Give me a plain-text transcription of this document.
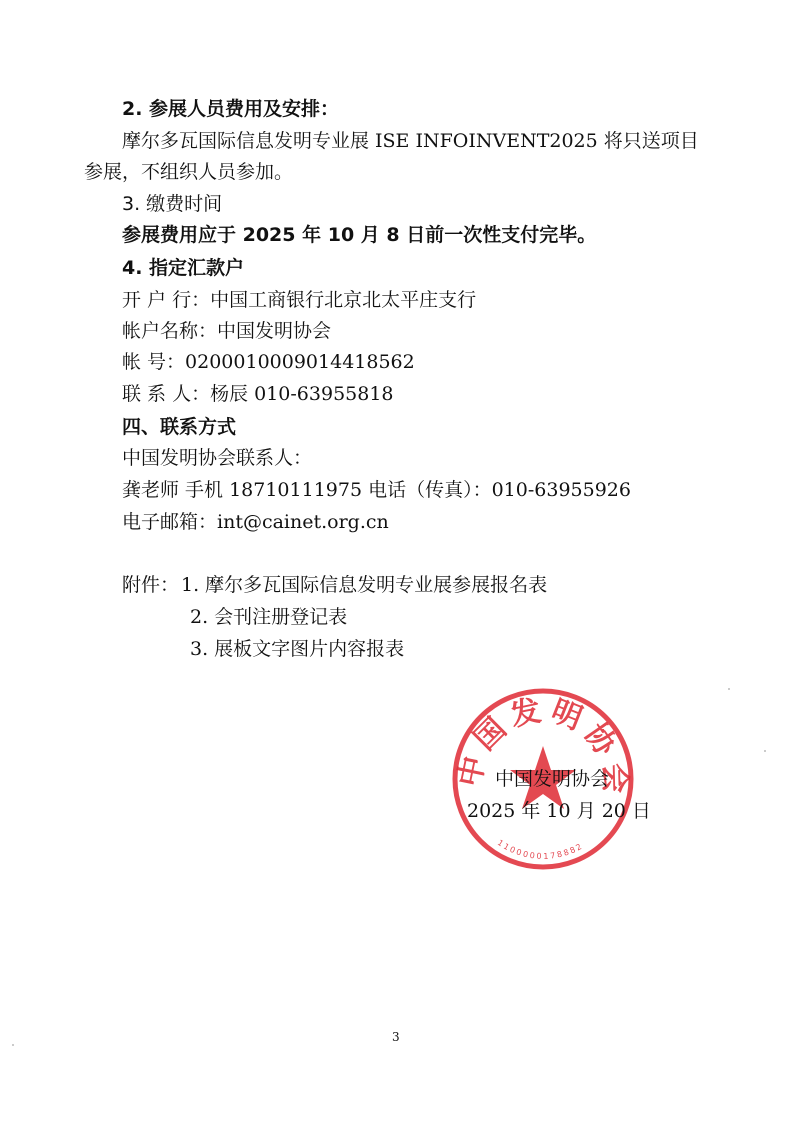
2. 参展人员费用及安排：
摩尔多瓦国际信息发明专业展 ISE INFOINVENT2025 将只送项目
参展，不组织人员参加。
3. 缴费时间
参展费用应于 2025 年 10 月 8 日前一次性支付完毕。
4. 指定汇款户
开 户 行：中国工商银行北京北太平庄支行
帐户名称：中国发明协会
帐 号：0200010009014418562
联 系 人：杨辰 010-63955818
四、联系方式
中国发明协会联系人：
龚老师 手机 18710111975 电话（传真）：010-63955926
电子邮箱：int@cainet.org.cn
附件： 1. 摩尔多瓦国际信息发明专业展参展报名表
2. 会刊注册登记表
3. 展板文字图片内容报表
中国发明协会
1100000178882
中国发明协会
2025 年 10 月 20 日
3
